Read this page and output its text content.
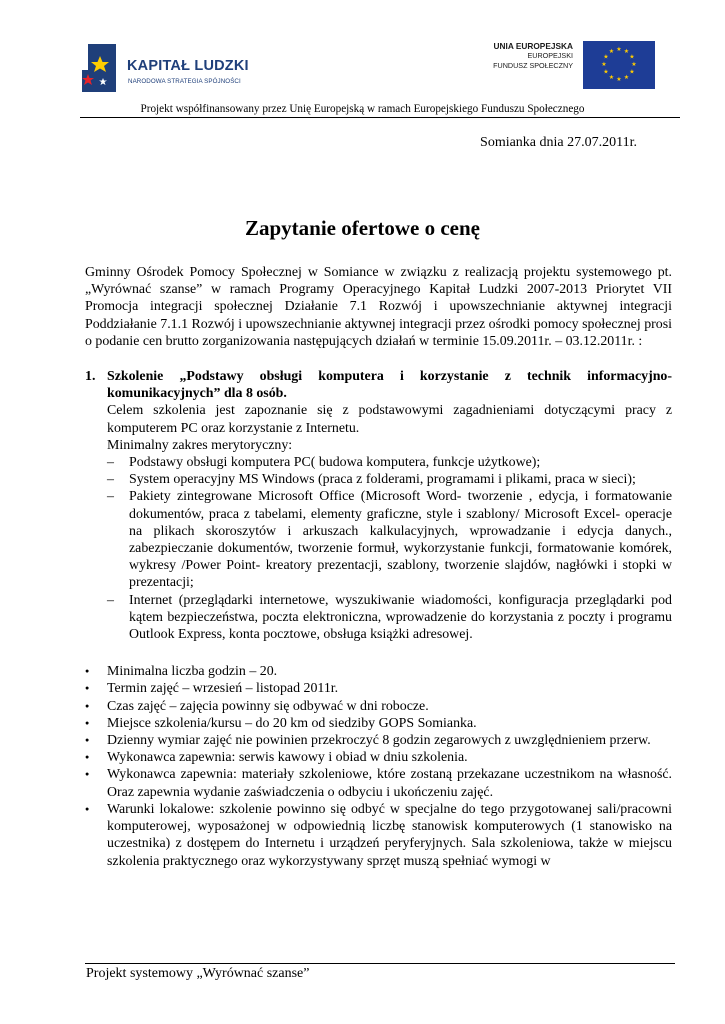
KAPITAŁ LUDZKI
NARODOWA STRATEGIA SPÓJNOŚCI
UNIA EUROPEJSKA
EUROPEJSKI
FUNDUSZ SPOŁECZNY
★ ★
★
★
★
★
★
★
★
★
★
★
Projekt współfinansowany przez Unię Europejską w ramach Europejskiego Funduszu Społecznego
Somianka dnia 27.07.2011r.
Zapytanie ofertowe o cenę

Gminny Ośrodek Pomocy Społecznej w Somiance w związku z realizacją projektu systemowego pt. „Wyrównać szanse” w ramach Programy Operacyjnego Kapitał Ludzki 2007-2013 Priorytet VII Promocja integracji społecznej Działanie 7.1 Rozwój i upowszechnianie aktywnej integracji Poddziałanie 7.1.1 Rozwój i upowszechnianie aktywnej integracji przez ośrodki pomocy społecznej prosi o podanie cen brutto zorganizowania następujących działań w terminie 15.09.2011r. – 03.12.2011r. :

1. Szkolenie „Podstawy obsługi komputera i korzystanie z technik informacyjno-komunikacyjnych” dla 8 osób.

Celem szkolenia jest zapoznanie się z podstawowymi zagadnieniami dotyczącymi pracy z komputerem PC oraz korzystanie z Internetu.

Minimalny zakres merytoryczny:

– Podstawy obsługi komputera PC( budowa komputera, funkcje użytkowe);
– System operacyjny MS Windows (praca z folderami, programami i plikami, praca w sieci);
– Pakiety zintegrowane Microsoft Office (Microsoft Word- tworzenie , edycja, i formatowanie dokumentów, praca z tabelami, elementy graficzne, style i szablony/ Microsoft Excel- operacje na plikach skoroszytów i arkuszach kalkulacyjnych, wprowadzanie i edycja danych., zabezpieczanie dokumentów, tworzenie formuł, wykorzystanie funkcji, formatowanie komórek, wykresy /Power Point- kreatory prezentacji, szablony, tworzenie slajdów, nagłówki i stopki w prezentacji;
– Internet (przeglądarki internetowe, wyszukiwanie wiadomości, konfiguracja przeglądarki pod kątem bezpieczeństwa, poczta elektroniczna, wprowadzenie do korzystania z poczty i programu Outlook Express, konta pocztowe, obsługa książki adresowej.
● Minimalna liczba godzin – 20.
● Termin zajęć – wrzesień – listopad 2011r.
● Czas zajęć – zajęcia powinny się odbywać w dni robocze.
● Miejsce szkolenia/kursu – do 20 km od siedziby GOPS Somianka.
● Dzienny wymiar zajęć nie powinien przekroczyć 8 godzin zegarowych z uwzględnieniem przerw.
● Wykonawca zapewnia: serwis kawowy i obiad w dniu szkolenia.
● Wykonawca zapewnia: materiały szkoleniowe, które zostaną przekazane uczestnikom na własność. Oraz zapewnia wydanie zaświadczenia o odbyciu i ukończeniu zajęć.
● Warunki lokalowe: szkolenie powinno się odbyć w specjalne do tego przygotowanej sali/pracowni komputerowej, wyposażonej w odpowiednią liczbę stanowisk komputerowych (1 stanowisko na uczestnika) z dostępem do Internetu i urządzeń peryferyjnych. Sala szkoleniowa, także w miejscu szkolenia praktycznego oraz wykorzystywany sprzęt muszą spełniać wymogi w
Projekt systemowy „Wyrównać szanse”
